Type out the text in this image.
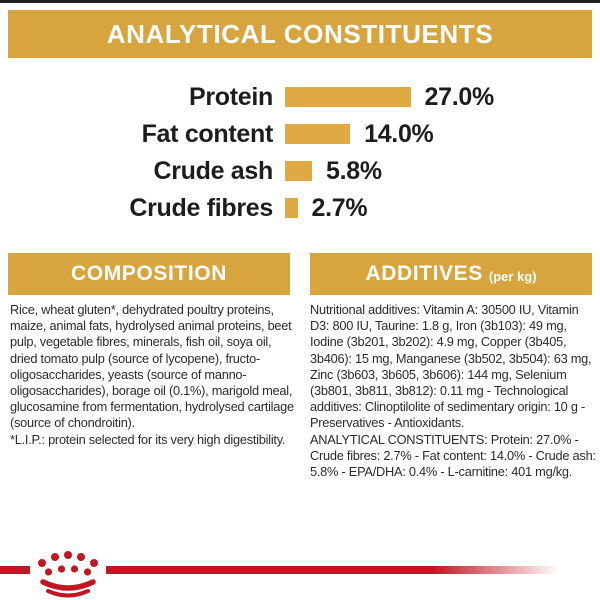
ANALYTICAL CONSTITUENTS
Protein	27.0%
Fat content	14.0%
Crude ash	5.8%
Crude fibres	2.7%
COMPOSITION	ADDITIVES (per kg)

Rice, wheat gluten*, dehydrated poultry proteins, maize, animal fats, hydrolysed animal proteins, beet pulp, vegetable fibres, minerals, fish oil, soya oil, dried tomato pulp (source of lycopene), fructo-oligosaccharides, yeasts (source of manno-oligosaccharides), borage oil (0.1%), marigold meal, glucosamine from fermentation, hydrolysed cartilage (source of chondroitin).

*L.I.P.: protein selected for its very high digestibility.

Nutritional additives: Vitamin A: 30500 IU, Vitamin D3: 800 IU, Taurine: 1.8 g, Iron (3b103): 49 mg, Iodine (3b201, 3b202): 4.9 mg, Copper (3b405, 3b406): 15 mg, Manganese (3b502, 3b504): 63 mg, Zinc (3b603, 3b605, 3b606): 144 mg, Selenium (3b801, 3b811, 3b812): 0.11 mg - Technological additives: Clinoptilolite of sedimentary origin: 10 g - Preservatives - Antioxidants.

ANALYTICAL CONSTITUENTS: Protein: 27.0% - Crude fibres: 2.7% - Fat content: 14.0% - Crude ash: 5.8% - EPA/DHA: 0.4% - L-carnitine: 401 mg/kg.
